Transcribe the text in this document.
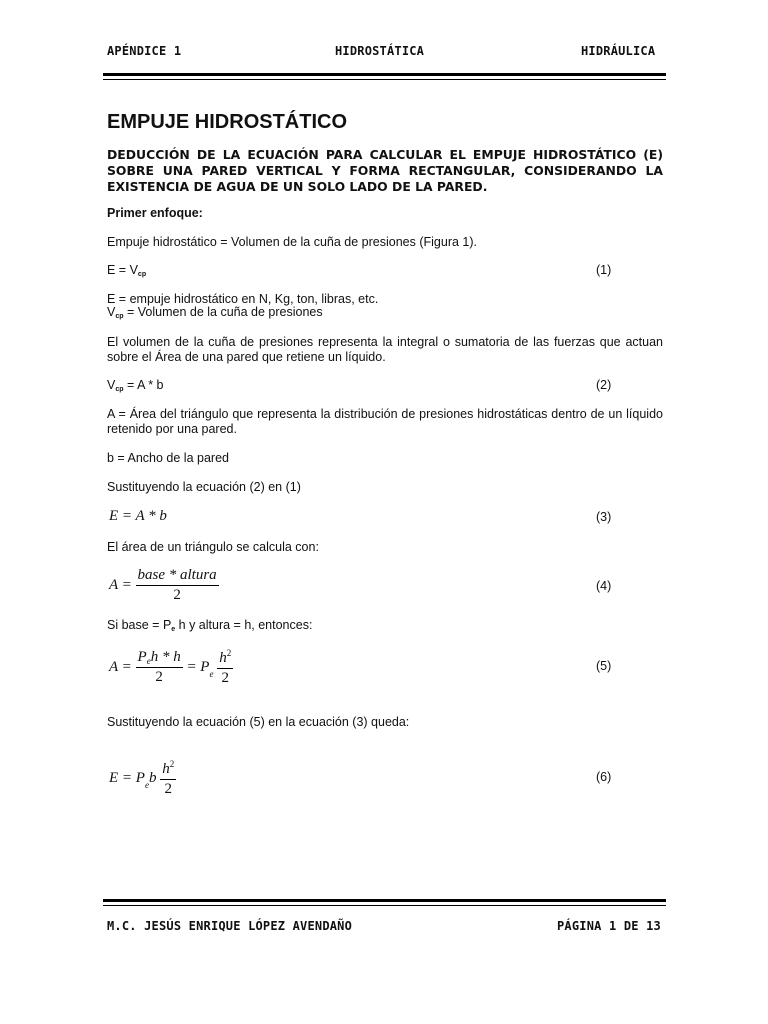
APÉNDICE 1	HIDROSTÁTICA	HIDRÁULICA
EMPUJE HIDROSTÁTICO
DEDUCCIÓN DE LA ECUACIÓN PARA CALCULAR EL EMPUJE HIDROSTÁTICO (E) SOBRE UNA PARED VERTICAL Y FORMA RECTANGULAR, CONSIDERANDO LA EXISTENCIA DE AGUA DE UN SOLO LADO DE LA PARED.
Primer enfoque:
Empuje hidrostático = Volumen de la cuña de presiones (Figura 1).
E = Vcp	(1)
E = empuje hidrostático en N, Kg, ton, libras, etc.
Vcp = Volumen de la cuña de presiones
El volumen de la cuña de presiones representa la integral o sumatoria de las fuerzas que actuan sobre el Área de una pared que retiene un líquido.
Vcp = A * b	(2)
A = Área del triángulo que representa la distribución de presiones hidrostáticas dentro de un líquido retenido por una pared.
b = Ancho de la pared
Sustituyendo la ecuación (2) en (1)
E = A * b	(3)
El área de un triángulo se calcula con:
$A = \frac{\text{base * altura}}{2}$	(4)
Si base = Pe h y altura = h, entonces:
$A = \frac{P_eh * h}{2} = P_e \frac{h^2}{2}$	(5)
Sustituyendo la ecuación (5) en la ecuación (3) queda:
$E = P_eb \frac{h^2}{2}$	(6)
M.C. JESÚS ENRIQUE LÓPEZ AVENDAÑO	PÁGINA 1 DE 13
